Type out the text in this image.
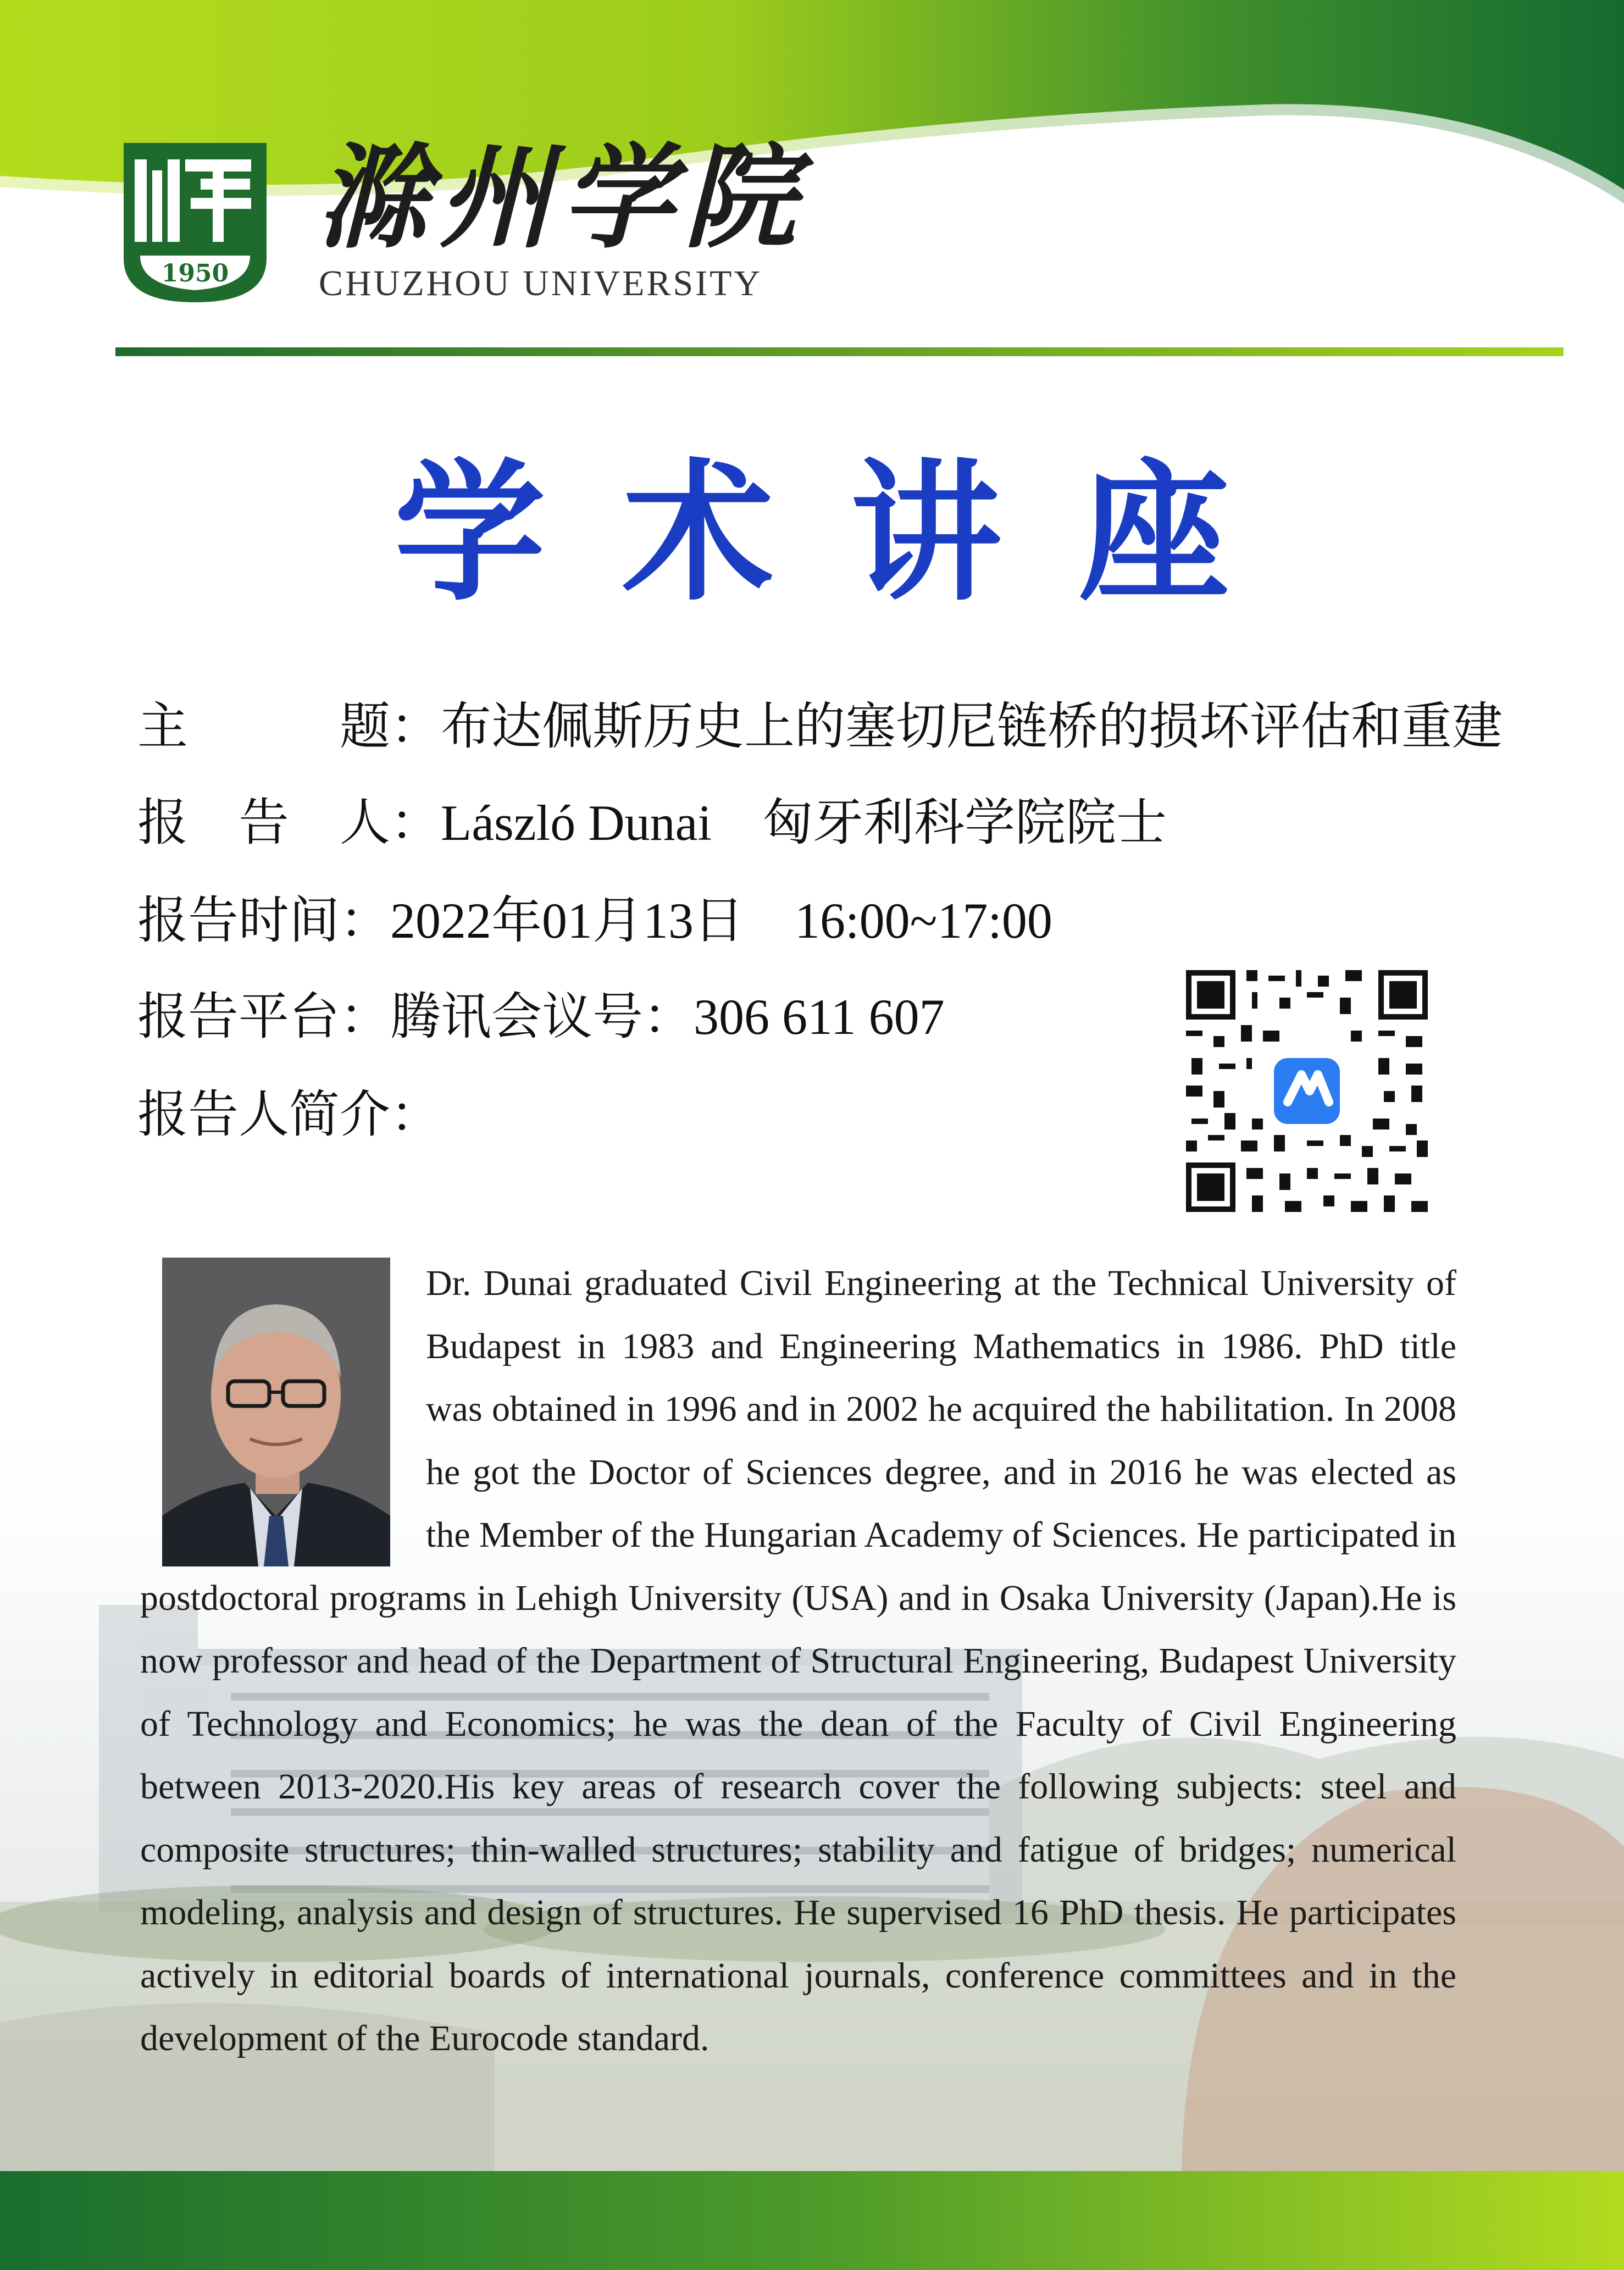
1950
滁州学院
CHUZHOU UNIVERSITY
学术讲座
主　　　题：布达佩斯历史上的塞切尼链桥的损坏评估和重建
报　告　人：László Dunai　匈牙利科学院院士
报告时间：2022年01月13日　16:00~17:00
报告平台：腾讯会议号：306 611 607
报告人简介：
Dr. Dunai graduated Civil Engineering at the Technical University of Budapest in 1983 and Engineering Mathematics in 1986. PhD title was obtained in 1996 and in 2002 he acquired the habilitation. In 2008 he got the Doctor of Sciences degree, and in 2016 he was elected as the Member of the Hungarian Academy of Sciences. He participated in postdoctoral programs in Lehigh University (USA) and in Osaka University (Japan).He is now professor and head of the Department of Structural Engineering, Budapest University of Technology and Economics; he was the dean of the Faculty of Civil Engineering between 2013-2020.His key areas of research cover the following subjects: steel and composite structures; thin-walled structures; stability and fatigue of bridges; numerical modeling, analysis and design of structures. He supervised 16 PhD thesis. He participates actively in editorial boards of international journals, conference committees and in the development of the Eurocode standard.
